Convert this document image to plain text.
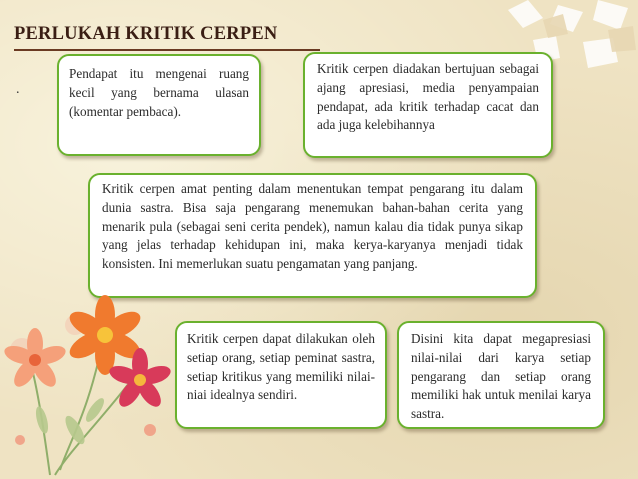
PERLUKAH KRITIK CERPEN
.
Pendapat itu mengenai ruang kecil yang bernama ulasan (komentar pembaca).
Kritik cerpen diadakan bertujuan sebagai ajang apresiasi, media penyampaian pendapat, ada kritik terhadap cacat dan ada juga kelebihannya
Kritik cerpen amat penting dalam menentukan tempat pengarang itu dalam dunia sastra. Bisa saja pengarang menemukan bahan-bahan cerita yang menarik pula (sebagai seni cerita pendek), namun kalau dia tidak punya sikap yang jelas terhadap kehidupan ini, maka kerya-karyanya menjadi tidak konsisten. Ini memerlukan suatu pengamatan yang panjang.
Kritik cerpen dapat dilakukan oleh setiap orang, setiap peminat sastra, setiap kritikus yang memiliki nilai-niai idealnya sendiri.
Disini kita dapat megapresiasi nilai-nilai dari karya setiap pengarang dan setiap orang memiliki hak untuk menilai karya sastra.
